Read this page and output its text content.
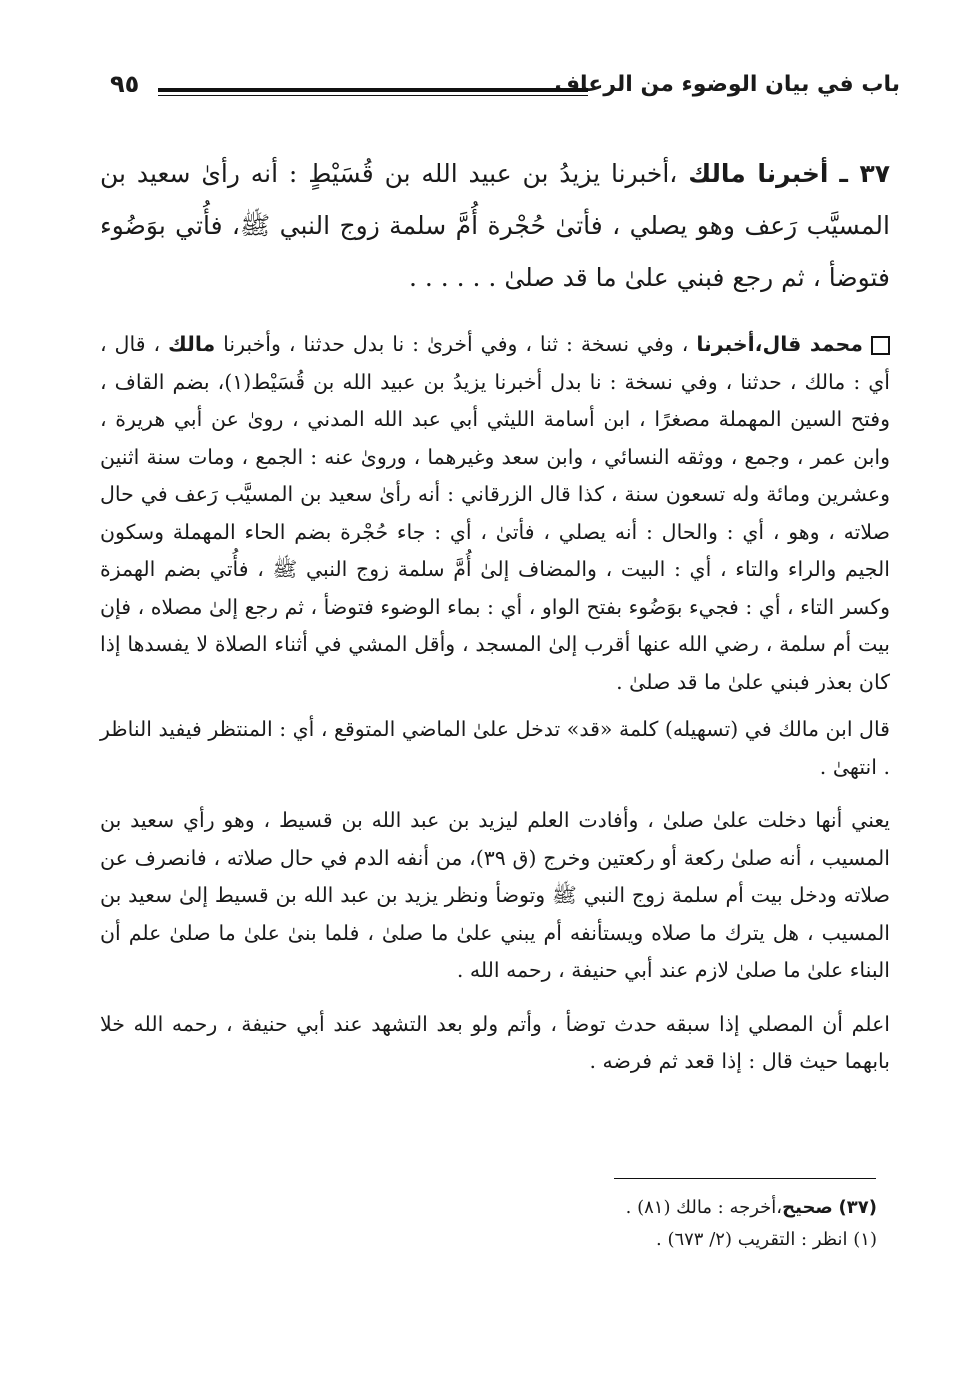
باب في بيان الوضوء من الرعاف
٩٥

٣٧ ـ أخبرنا مالك ،أخبرنا يزيدُ بن عبيد الله بن قُسَيْطٍ : أنه رأىٰ سعيد بن المسيَّب رَعف وهو يصلي ، فأتىٰ حُجْرة أُمَّ سلمة زوج النبي ﷺ، فأُتي بوَضُوء فتوضأ ، ثم رجع فبني علىٰ ما قد صلىٰ . . . . . .

محمد قال،أخبرنا ، وفي نسخة : ثنا ، وفي أخرىٰ : نا بدل حدثنا ، وأخبرنا مالك ، قال ، أي : مالك ، حدثنا ، وفي نسخة : نا بدل أخبرنا يزيدُ بن عبيد الله بن قُسَيْط(١)، بضم القاف ، وفتح السين المهملة مصغرًا ، ابن أسامة الليثي أبي عبد الله المدني ، روىٰ عن أبي هريرة ، وابن عمر ، وجمع ، ووثقه النسائي ، وابن سعد وغيرهما ، وروىٰ عنه : الجمع ، ومات سنة اثنين وعشرين ومائة وله تسعون سنة ، كذا قال الزرقاني : أنه رأىٰ سعيد بن المسيَّب رَعف في حال صلاته ، وهو ، أي : والحال : أنه يصلي ، فأتىٰ ، أي : جاء حُجْرة بضم الحاء المهملة وسكون الجيم والراء والتاء ، أي : البيت ، والمضاف إلىٰ أُمَّ سلمة زوج النبي ﷺ ، فأُتي بضم الهمزة وكسر التاء ، أي : فجيء بوَضُوء بفتح الواو ، أي : بماء الوضوء فتوضأ ، ثم رجع إلىٰ مصلاه ، فإن بيت أم سلمة ، رضي الله عنها أقرب إلىٰ المسجد ، وأقل المشي في أثناء الصلاة لا يفسدها إذا كان بعذر فبني علىٰ ما قد صلىٰ .

قال ابن مالك في (تسهيله) كلمة «قد» تدخل علىٰ الماضي المتوقع ، أي : المنتظر فيفيد الناظر . انتهىٰ .

يعني أنها دخلت علىٰ صلىٰ ، وأفادت العلم ليزيد بن عبد الله بن قسيط ، وهو رأي سعيد بن المسيب ، أنه صلىٰ ركعة أو ركعتين وخرج (ق ٣٩)، من أنفه الدم في حال صلاته ، فانصرف عن صلاته ودخل بيت أم سلمة زوج النبي ﷺ وتوضأ ونظر يزيد بن عبد الله بن قسيط إلىٰ سعيد بن المسيب ، هل يترك ما صلاه ويستأنفه أم يبني علىٰ ما صلىٰ ، فلما بنىٰ علىٰ ما صلىٰ علم أن البناء علىٰ ما صلىٰ لازم عند أبي حنيفة ، رحمه الله .

اعلم أن المصلي إذا سبقه حدث توضأ ، وأتم ولو بعد التشهد عند أبي حنيفة ، رحمه الله خلا بابهما حيث قال : إذا قعد ثم فرضه .

(٣٧) صحيح،أخرجه : مالك (٨١) .

(١) انظر : التقريب (٢/ ٦٧٣) .
